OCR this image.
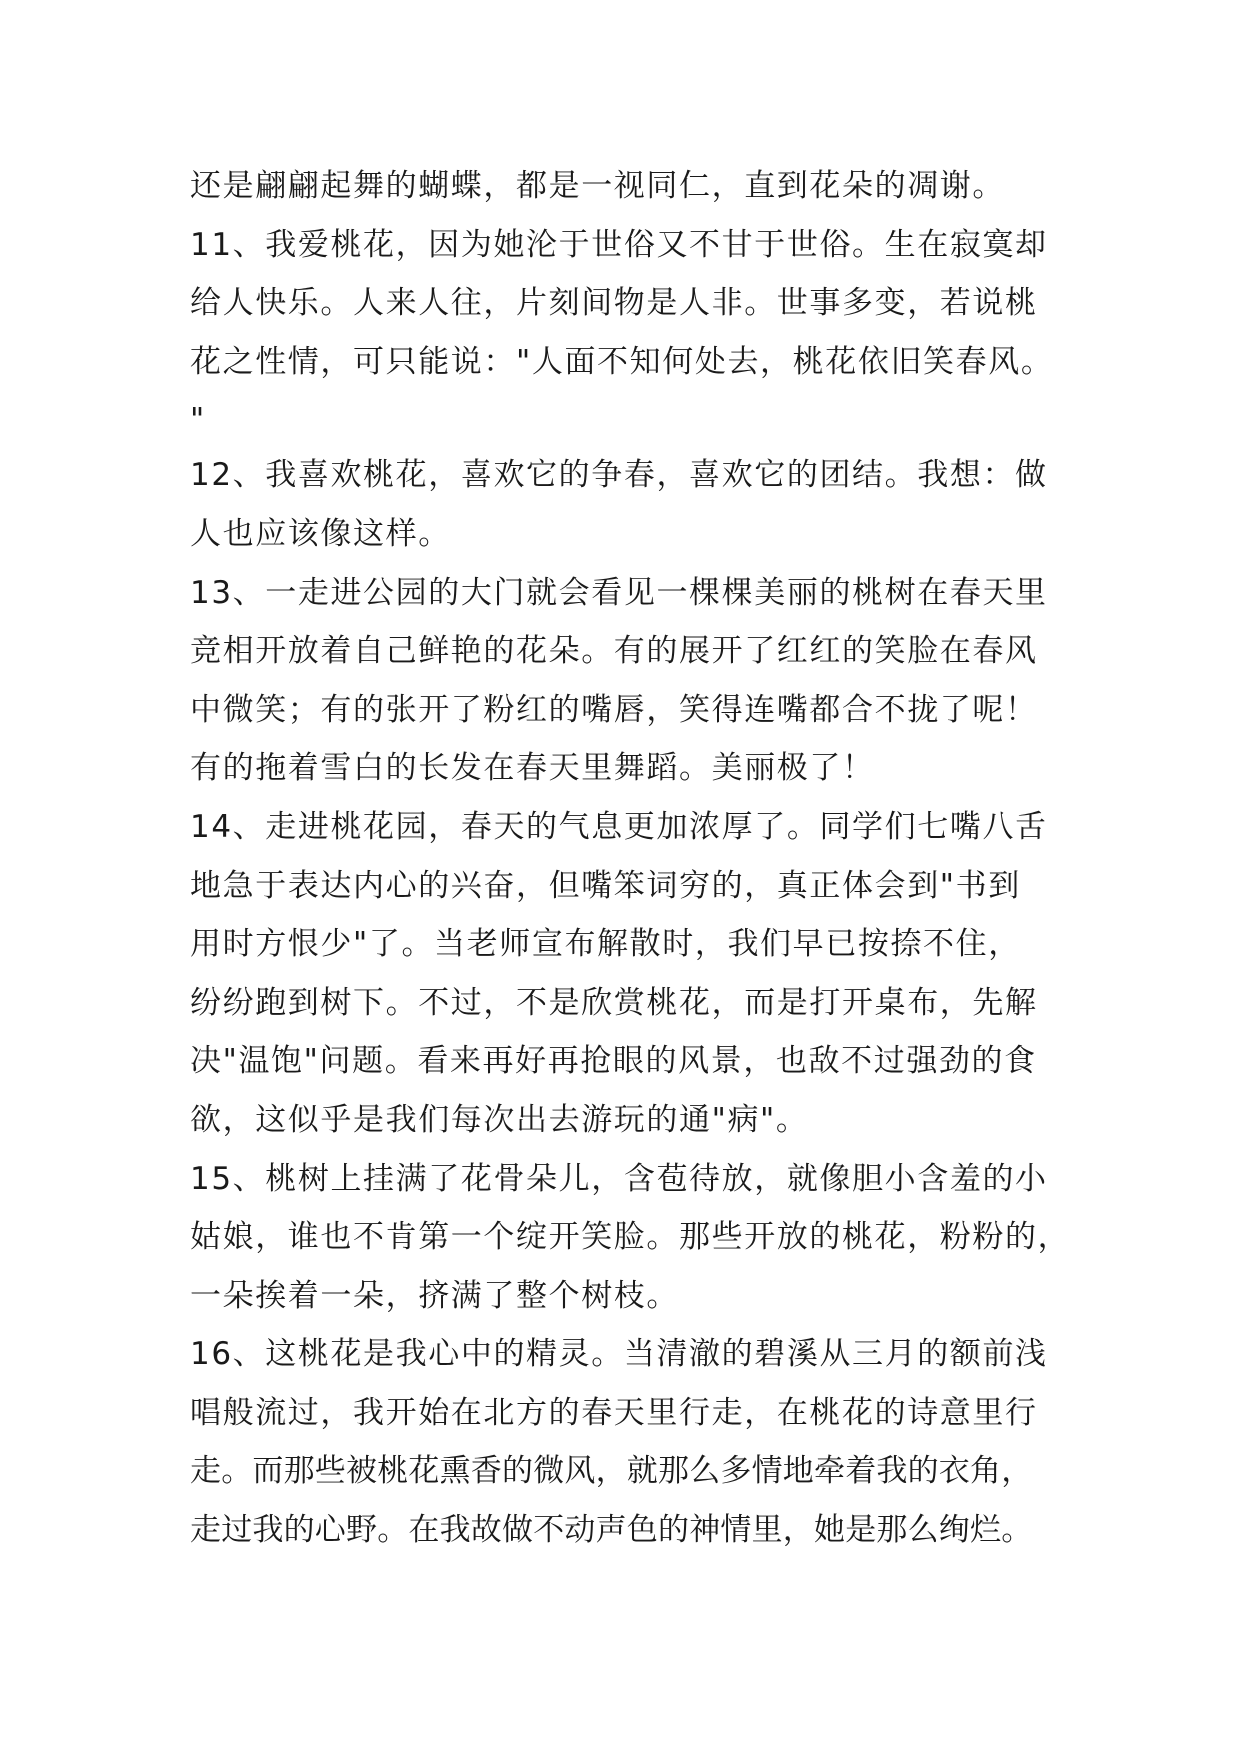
还是翩翩起舞的蝴蝶，都是一视同仁，直到花朵的凋谢。
11、我爱桃花，因为她沦于世俗又不甘于世俗。生在寂寞却
给人快乐。人来人往，片刻间物是人非。世事多变，若说桃
花之性情，可只能说："人面不知何处去，桃花依旧笑春风。
"
12、我喜欢桃花，喜欢它的争春，喜欢它的团结。我想：做
人也应该像这样。
13、一走进公园的大门就会看见一棵棵美丽的桃树在春天里
竞相开放着自己鲜艳的花朵。有的展开了红红的笑脸在春风
中微笑；有的张开了粉红的嘴唇，笑得连嘴都合不拢了呢！
有的拖着雪白的长发在春天里舞蹈。美丽极了！
14、走进桃花园，春天的气息更加浓厚了。同学们七嘴八舌
地急于表达内心的兴奋，但嘴笨词穷的，真正体会到"书到
用时方恨少"了。当老师宣布解散时，我们早已按捺不住，
纷纷跑到树下。不过，不是欣赏桃花，而是打开桌布，先解
决"温饱"问题。看来再好再抢眼的风景，也敌不过强劲的食
欲，这似乎是我们每次出去游玩的通"病"。
15、桃树上挂满了花骨朵儿，含苞待放，就像胆小含羞的小
姑娘，谁也不肯第一个绽开笑脸。那些开放的桃花，粉粉的，
一朵挨着一朵，挤满了整个树枝。
16、这桃花是我心中的精灵。当清澈的碧溪从三月的额前浅
唱般流过，我开始在北方的春天里行走，在桃花的诗意里行
走。而那些被桃花熏香的微风，就那么多情地牵着我的衣角，
走过我的心野。在我故做不动声色的神情里，她是那么绚烂。
